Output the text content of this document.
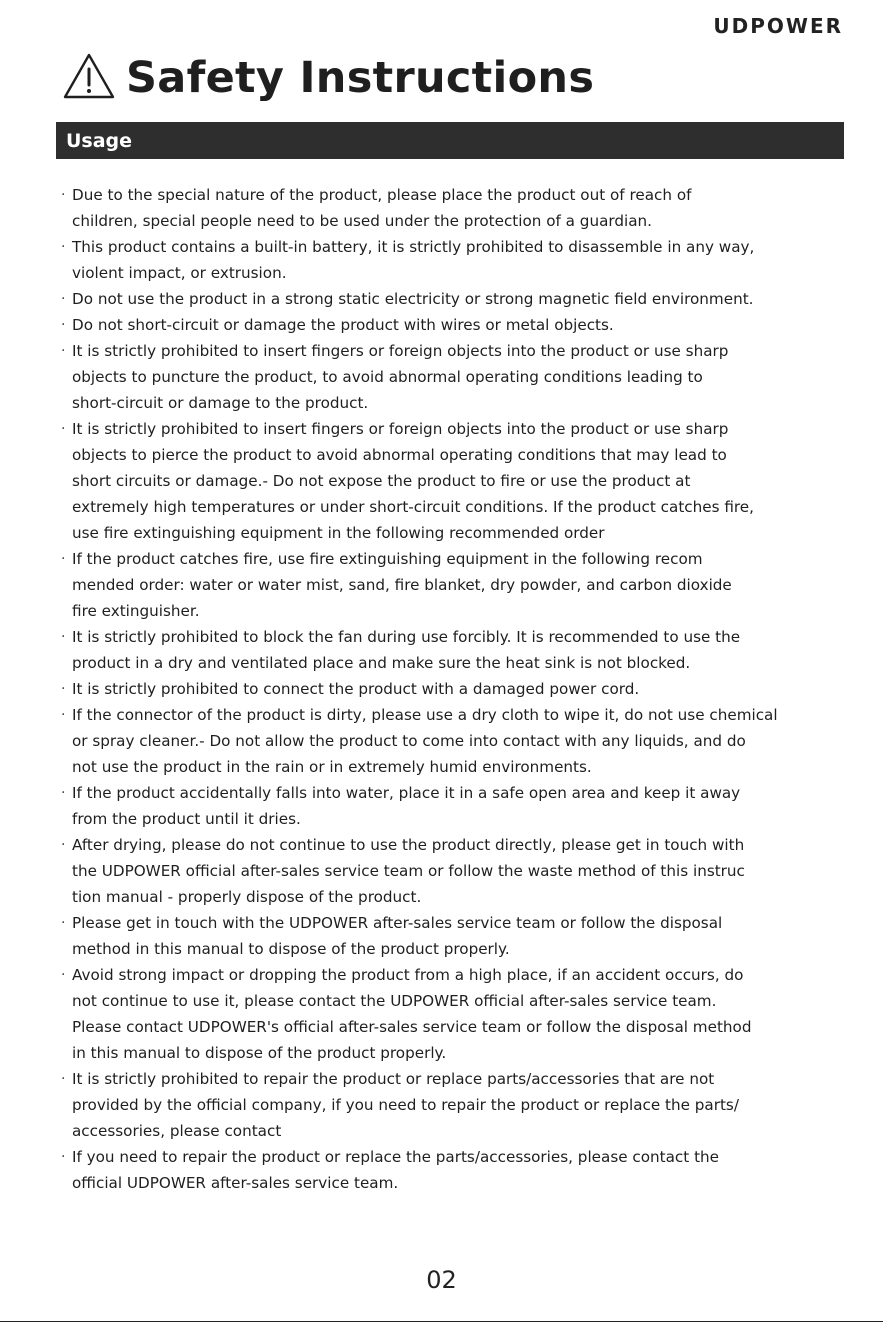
UDPOWER
Safety Instructions
Usage
· Due to the special nature of the product, please place the product out of reach of
children, special people need to be used under the protection of a guardian.
· This product contains a built-in battery, it is strictly prohibited to disassemble in any way,
violent impact, or extrusion.
· Do not use the product in a strong static electricity or strong magnetic field environment.
· Do not short-circuit or damage the product with wires or metal objects.
· It is strictly prohibited to insert fingers or foreign objects into the product or use sharp
objects to puncture the product, to avoid abnormal operating conditions leading to
short-circuit or damage to the product.
· It is strictly prohibited to insert fingers or foreign objects into the product or use sharp
objects to pierce the product to avoid abnormal operating conditions that may lead to
short circuits or damage.- Do not expose the product to fire or use the product at
extremely high temperatures or under short-circuit conditions. If the product catches fire,
use fire extinguishing equipment in the following recommended order
· If the product catches fire, use fire extinguishing equipment in the following recom
mended order: water or water mist, sand, fire blanket, dry powder, and carbon dioxide
fire extinguisher.
· It is strictly prohibited to block the fan during use forcibly. It is recommended to use the
product in a dry and ventilated place and make sure the heat sink is not blocked.
· It is strictly prohibited to connect the product with a damaged power cord.
· If the connector of the product is dirty, please use a dry cloth to wipe it, do not use chemical
or spray cleaner.- Do not allow the product to come into contact with any liquids, and do
not use the product in the rain or in extremely humid environments.
· If the product accidentally falls into water, place it in a safe open area and keep it away
from the product until it dries.
· After drying, please do not continue to use the product directly, please get in touch with
the UDPOWER official after-sales service team or follow the waste method of this instruc
tion manual - properly dispose of the product.
· Please get in touch with the UDPOWER after-sales service team or follow the disposal
method in this manual to dispose of the product properly.
· Avoid strong impact or dropping the product from a high place, if an accident occurs, do
not continue to use it, please contact the UDPOWER official after-sales service team.
Please contact UDPOWER's official after-sales service team or follow the disposal method
in this manual to dispose of the product properly.
· It is strictly prohibited to repair the product or replace parts/accessories that are not
provided by the official company, if you need to repair the product or replace the parts/
accessories, please contact
· If you need to repair the product or replace the parts/accessories, please contact the
official UDPOWER after-sales service team.
02
